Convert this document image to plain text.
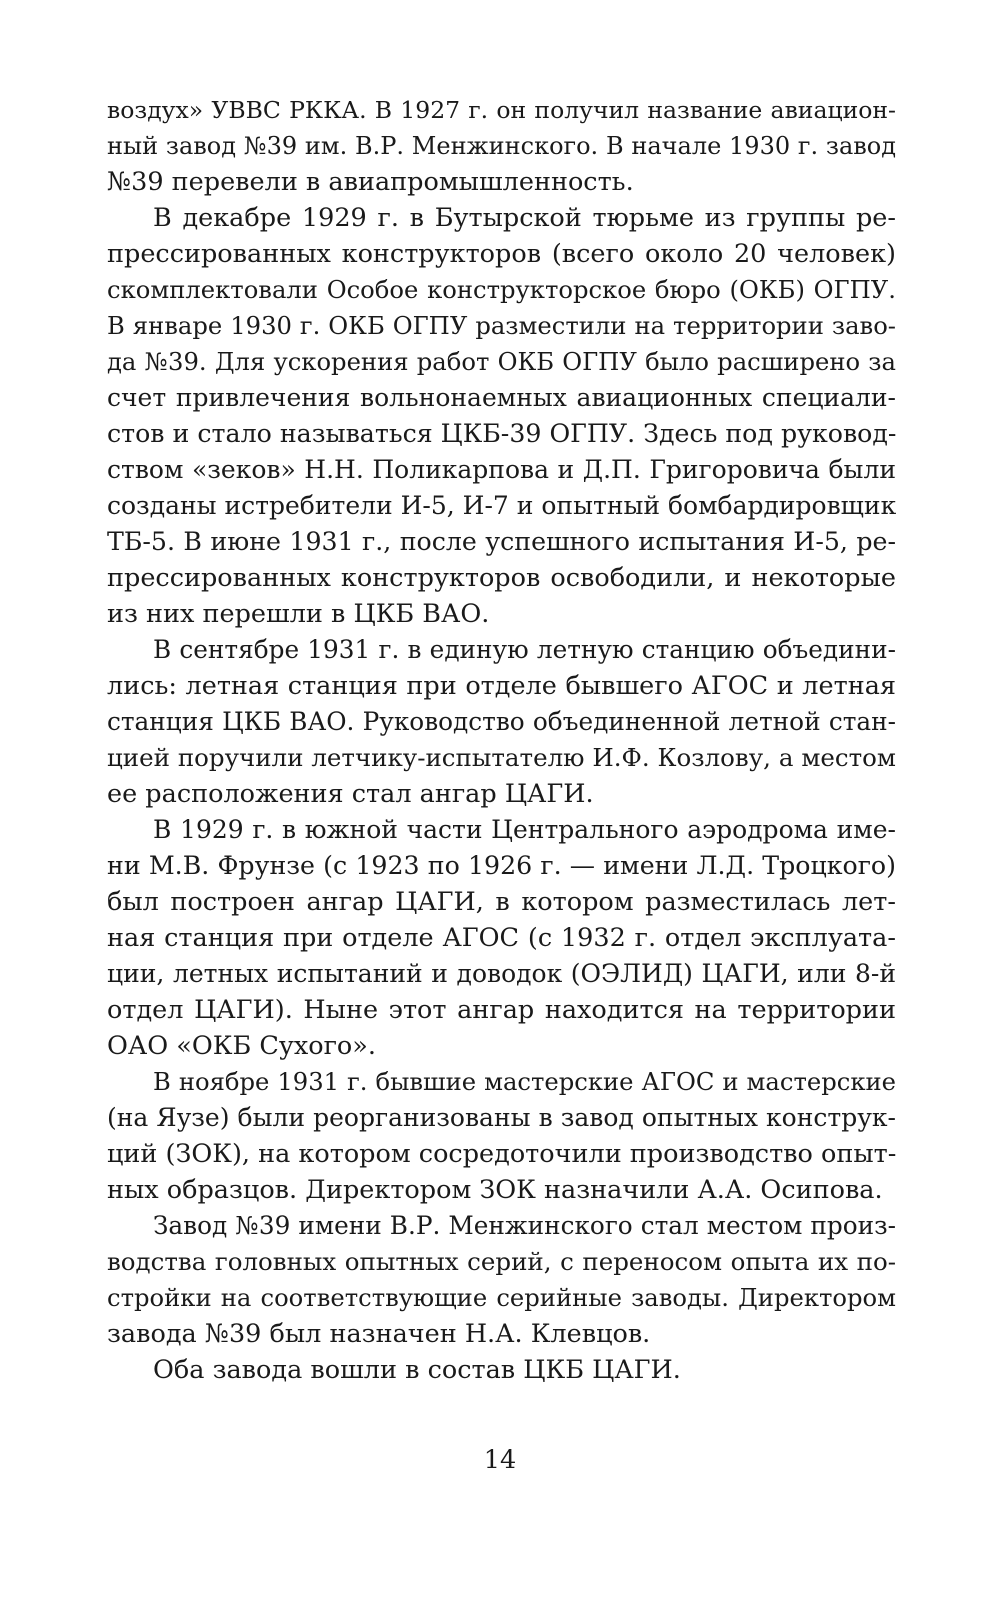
воздух» УВВС РККА. В 1927 г. он получил название авиацион-
ный завод №39 им. В.Р. Менжинского. В начале 1930 г. завод
№39 перевели в авиапромышленность.

В декабре 1929 г. в Бутырской тюрьме из группы ре-
прессированных конструкторов (всего около 20 человек)
скомплектовали Особое конструкторское бюро (ОКБ) ОГПУ.
В январе 1930 г. ОКБ ОГПУ разместили на территории заво-
да №39. Для ускорения работ ОКБ ОГПУ было расширено за
счет привлечения вольнонаемных авиационных специали-
стов и стало называться ЦКБ-39 ОГПУ. Здесь под руковод-
ством «зеков» Н.Н. Поликарпова и Д.П. Григоровича были
созданы истребители И-5, И-7 и опытный бомбардировщик
ТБ-5. В июне 1931 г., после успешного испытания И-5, ре-
прессированных конструкторов освободили, и некоторые
из них перешли в ЦКБ ВАО.

В сентябре 1931 г. в единую летную станцию объедини-
лись: летная станция при отделе бывшего АГОС и летная
станция ЦКБ ВАО. Руководство объединенной летной стан-
цией поручили летчику-испытателю И.Ф. Козлову, а местом
ее расположения стал ангар ЦАГИ.

В 1929 г. в южной части Центрального аэродрома име-
ни М.В. Фрунзе (с 1923 по 1926 г. — имени Л.Д. Троцкого)
был построен ангар ЦАГИ, в котором разместилась лет-
ная станция при отделе АГОС (с 1932 г. отдел эксплуата-
ции, летных испытаний и доводок (ОЭЛИД) ЦАГИ, или 8-й
отдел ЦАГИ). Ныне этот ангар находится на территории
ОАО «ОКБ Сухого».

В ноябре 1931 г. бывшие мастерские АГОС и мастерские
(на Яузе) были реорганизованы в завод опытных конструк-
ций (ЗОК), на котором сосредоточили производство опыт-
ных образцов. Директором ЗОК назначили А.А. Осипова.

Завод №39 имени В.Р. Менжинского стал местом произ-
водства головных опытных серий, с переносом опыта их по-
стройки на соответствующие серийные заводы. Директором
завода №39 был назначен Н.А. Клевцов.

Оба завода вошли в состав ЦКБ ЦАГИ.

14
